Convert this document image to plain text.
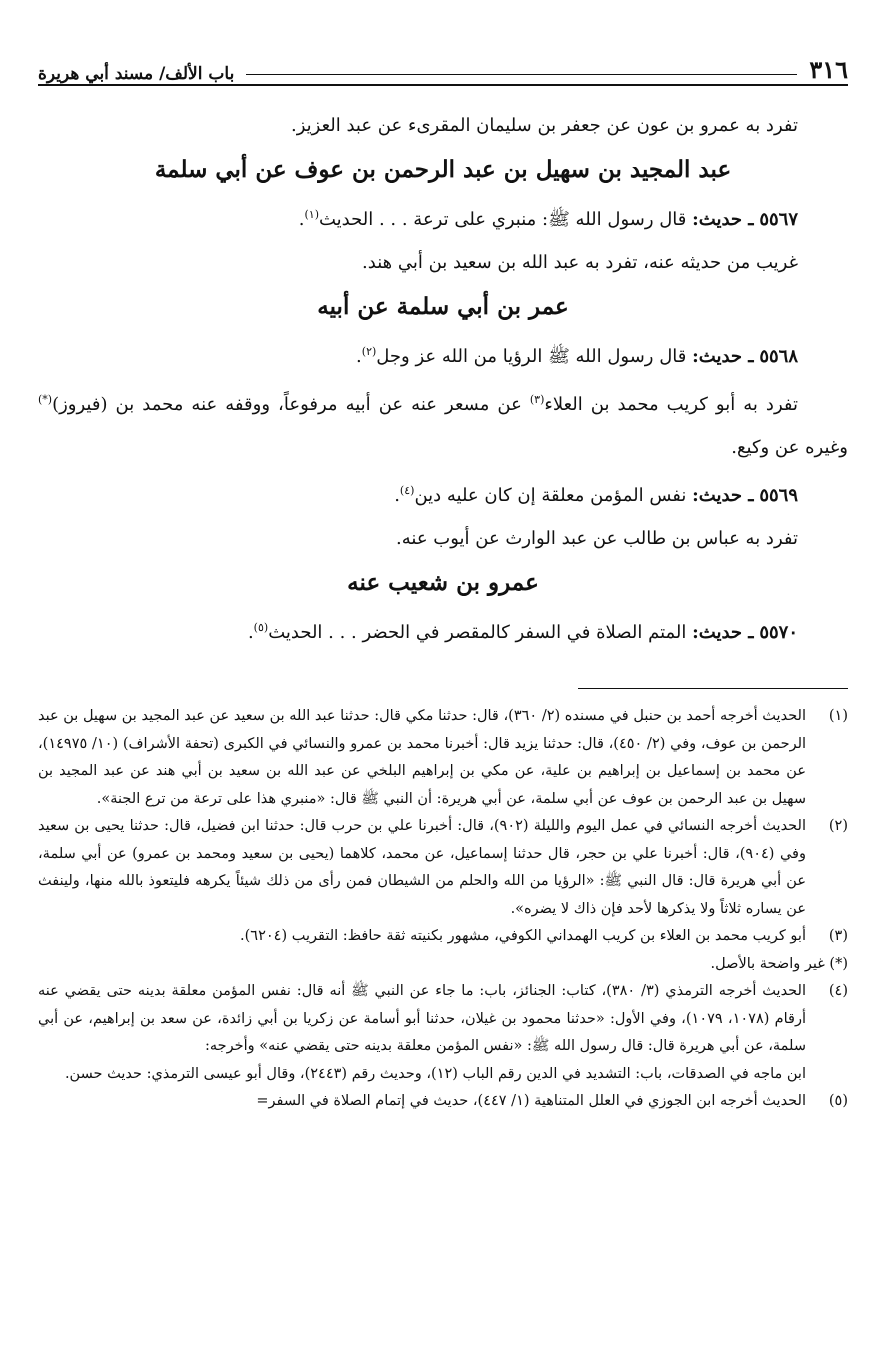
٣١٦
باب الألف/ مسند أبي هريرة

تفرد به عمرو بن عون عن جعفر بن سليمان المقرىء عن عبد العزيز.

عبد المجيد بن سهيل بن عبد الرحمن بن عوف عن أبي سلمة

٥٥٦٧ ـ حديث: قال رسول الله ﷺ: منبري على ترعة . . . الحديث$^{(١)}$.

غريب من حديثه عنه، تفرد به عبد الله بن سعيد بن أبي هند.

عمر بن أبي سلمة عن أبيه

٥٥٦٨ ـ حديث: قال رسول الله ﷺ الرؤيا من الله عز وجل$^{(٢)}$.

تفرد به أبو كريب محمد بن العلاء$^{(٣)}$ عن مسعر عنه عن أبيه مرفوعاً، ووقفه عنه محمد بن (فيروز)(*) وغيره عن وكيع.

٥٥٦٩ ـ حديث: نفس المؤمن معلقة إن كان عليه دين$^{(٤)}$.

تفرد به عباس بن طالب عن عبد الوارث عن أيوب عنه.

عمرو بن شعيب عنه

٥٥٧٠ ـ حديث: المتم الصلاة في السفر كالمقصر في الحضر . . . الحديث$^{(٥)}$.

(١)
الحديث أخرجه أحمد بن حنبل في مسنده (٢/ ٣٦٠)، قال: حدثنا مكي قال: حدثنا عبد الله بن سعيد عن عبد المجيد بن سهيل بن عبد الرحمن بن عوف، وفي (٢/ ٤٥٠)، قال: حدثنا يزيد قال: أخبرنا محمد بن عمرو والنسائي في الكبرى (تحفة الأشراف) (١٠/ ١٤٩٧٥)، عن محمد بن إسماعيل بن إبراهيم بن علية، عن مكي بن إبراهيم البلخي عن عبد الله بن سعيد بن أبي هند عن عبد المجيد بن سهيل بن عبد الرحمن بن عوف عن أبي سلمة، عن أبي هريرة: أن النبي ﷺ قال: «منبري هذا على ترعة من ترع الجنة».
(٢)
الحديث أخرجه النسائي في عمل اليوم والليلة (٩٠٢)، قال: أخبرنا علي بن حرب قال: حدثنا ابن فضيل، قال: حدثنا يحيى بن سعيد وفي (٩٠٤)، قال: أخبرنا علي بن حجر، قال حدثنا إسماعيل، عن محمد، كلاهما (يحيى بن سعيد ومحمد بن عمرو) عن أبي سلمة، عن أبي هريرة قال: قال النبي ﷺ: «الرؤيا من الله والحلم من الشيطان فمن رأى من ذلك شيئاً يكرهه فليتعوذ بالله منها، ولينفث عن يساره ثلاثاً ولا يذكرها لأحد فإن ذاك لا يضره».
(٣)
أبو كريب محمد بن العلاء بن كريب الهمداني الكوفي، مشهور بكنيته ثقة حافظ: التقريب (٦٢٠٤).

(*) غير واضحة بالأصل.

(٤)
الحديث أخرجه الترمذي (٣/ ٣٨٠)، كتاب: الجنائز، باب: ما جاء عن النبي ﷺ أنه قال: نفس المؤمن معلقة بدينه حتى يقضي عنه أرقام (١٠٧٨، ١٠٧٩)، وفي الأول: «حدثنا محمود بن غيلان، حدثنا أبو أسامة عن زكريا بن أبي زائدة، عن سعد بن إبراهيم، عن أبي سلمة، عن أبي هريرة قال: قال رسول الله ﷺ: «نفس المؤمن معلقة بدينه حتى يقضي عنه» وأخرجه:

ابن ماجه في الصدقات، باب: التشديد في الدين رقم الباب (١٢)، وحديث رقم (٢٤٤٣)، وقال أبو عيسى الترمذي: حديث حسن.

(٥)
الحديث أخرجه ابن الجوزي في العلل المتناهية (١/ ٤٤٧)، حديث في إتمام الصلاة في السفر=
